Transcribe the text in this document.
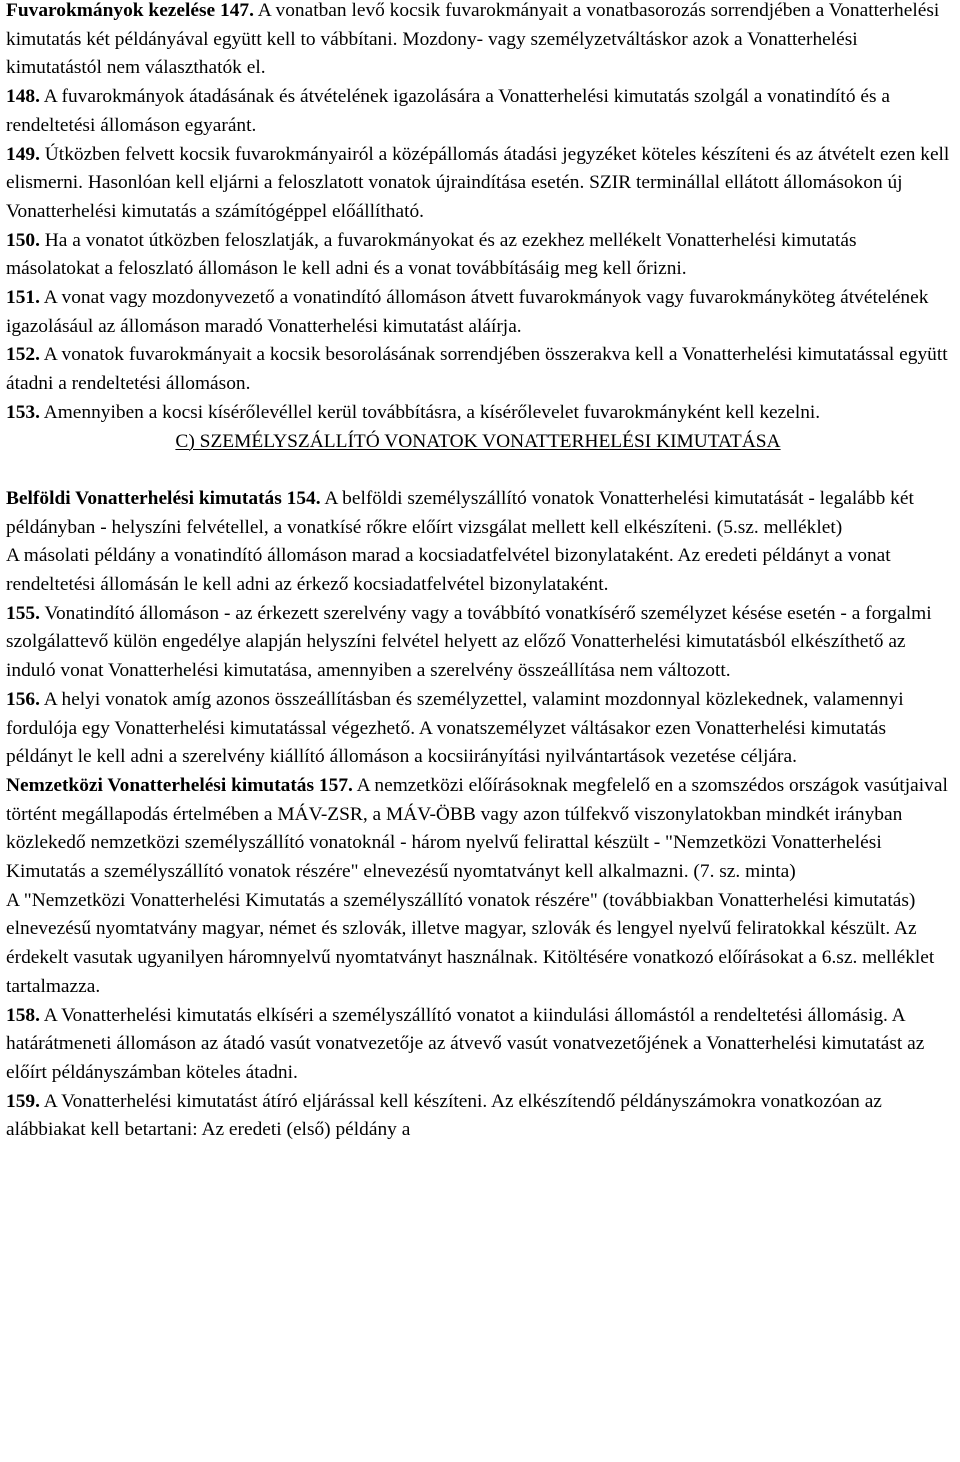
Fuvarokmányok kezelése 147. A vonatban levő kocsik fuvarokmányait a vonatbasorozás sorrendjében a Vonatterhelési kimutatás két példányával együtt kell to vábbítani. Mozdony- vagy személyzetváltáskor azok a Vonatterhelési kimutatástól nem választhatók el.

148. A fuvarokmányok átadásának és átvételének igazolására a Vonatterhelési kimutatás szolgál a vonatindító és a rendeltetési állomáson egyaránt.

149. Útközben felvett kocsik fuvarokmányairól a középállomás átadási jegyzéket köteles készíteni és az átvételt ezen kell elismerni. Hasonlóan kell eljárni a feloszlatott vonatok újraindítása esetén. SZIR terminállal ellátott állomásokon új Vonatterhelési kimutatás a számítógéppel előállítható.

150. Ha a vonatot útközben feloszlatják, a fuvarokmányokat és az ezekhez mellékelt Vonatterhelési kimutatás másolatokat a feloszlató állomáson le kell adni és a vonat továbbításáig meg kell őrizni.

151. A vonat vagy mozdonyvezető a vonatindító állomáson átvett fuvarokmányok vagy fuvarokmányköteg átvételének igazolásául az állomáson maradó Vonatterhelési kimutatást aláírja.

152. A vonatok fuvarokmányait a kocsik besorolásának sorrendjében összerakva kell a Vonatterhelési kimutatással együtt átadni a rendeltetési állomáson.

153. Amennyiben a kocsi kísérőlevéllel kerül továbbításra, a kísérőlevelet fuvarokmányként kell kezelni.

C) SZEMÉLYSZÁLLÍTÓ VONATOK VONATTERHELÉSI KIMUTATÁSA

Belföldi Vonatterhelési kimutatás 154. A belföldi személyszállító vonatok Vonatterhelési kimutatását - legalább két példányban - helyszíni felvétellel, a vonatkísé rőkre előírt vizsgálat mellett kell elkészíteni. (5.sz. melléklet)

A másolati példány a vonatindító állomáson marad a kocsiadatfelvétel bizonylataként. Az eredeti példányt a vonat rendeltetési állomásán le kell adni az érkező kocsiadatfelvétel bizonylataként.

155. Vonatindító állomáson - az érkezett szerelvény vagy a továbbító vonatkísérő személyzet késése esetén - a forgalmi szolgálattevő külön engedélye alapján helyszíni felvétel helyett az előző Vonatterhelési kimutatásból elkészíthető az induló vonat Vonatterhelési kimutatása, amennyiben a szerelvény összeállítása nem változott.

156. A helyi vonatok amíg azonos összeállításban és személyzettel, valamint mozdonnyal közlekednek, valamennyi fordulója egy Vonatterhelési kimutatással végezhető. A vonatszemélyzet váltásakor ezen Vonatterhelési kimutatás példányt le kell adni a szerelvény kiállító állomáson a kocsiirányítási nyilvántartások vezetése céljára.

Nemzetközi Vonatterhelési kimutatás 157. A nemzetközi előírásoknak megfelelő en a szomszédos országok vasútjaival történt megállapodás értelmében a MÁV-ZSR, a MÁV-ÖBB vagy azon túlfekvő viszonylatokban mindkét irányban közlekedő nemzetközi személyszállító vonatoknál - három nyelvű felirattal készült - "Nemzetközi Vonatterhelési Kimutatás a személyszállító vonatok részére" elnevezésű nyomtatványt kell alkalmazni. (7. sz. minta)

A "Nemzetközi Vonatterhelési Kimutatás a személyszállító vonatok részére" (továbbiakban Vonatterhelési kimutatás) elnevezésű nyomtatvány magyar, német és szlovák, illetve magyar, szlovák és lengyel nyelvű feliratokkal készült. Az érdekelt vasutak ugyanilyen háromnyelvű nyomtatványt használnak. Kitöltésére vonatkozó előírásokat a 6.sz. melléklet tartalmazza.

158. A Vonatterhelési kimutatás elkíséri a személyszállító vonatot a kiindulási állomástól a rendeltetési állomásig. A határátmeneti állomáson az átadó vasút vonatvezetője az átvevő vasút vonatvezetőjének a Vonatterhelési kimutatást az előírt példányszámban köteles átadni.

159. A Vonatterhelési kimutatást átíró eljárással kell készíteni. Az elkészítendő példányszámokra vonatkozóan az alábbiakat kell betartani: Az eredeti (első) példány a
